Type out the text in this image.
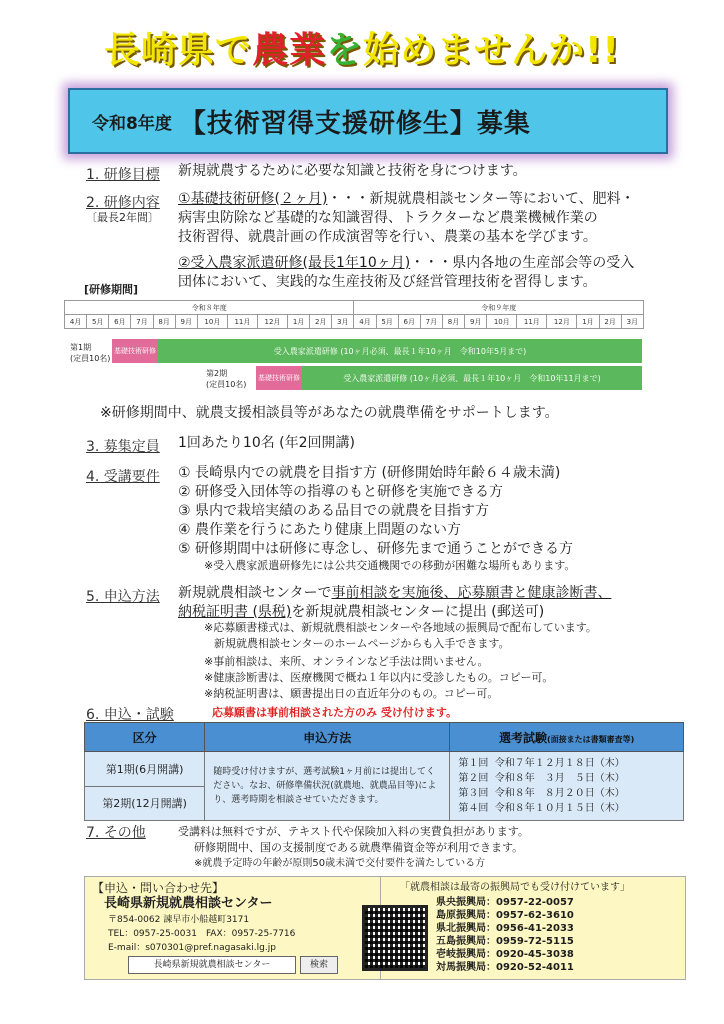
長崎県で農業を始めませんか!!
令和8年度 【技術習得支援研修生】募集
1. 研修目標 新規就農するために必要な知識と技術を身につけます。
2. 研修内容
〔最長2年間〕
①基礎技術研修(２ヶ月)・・・新規就農相談センター等において、肥料・
病害虫防除など基礎的な知識習得、トラクターなど農業機械作業の
技術習得、就農計画の作成演習等を行い、農業の基本を学びます。
②受入農家派遣研修(最長1年10ヶ月)・・・県内各地の生産部会等の受入
団体において、実践的な生産技術及び経営管理技術を習得します。
[研修期間]
令和８年度												令和９年度											
4月	5月	6月	7月	8月	9月	10月	11月	12月	1月	2月	3月	4月	5月	6月	7月	8月	9月	10月	11月	12月	1月	2月	3月
第1期
(定員10名)
基礎技術研修	受入農家派遣研修 (10ヶ月必須、最長１年10ヶ月　令和10年5月まで)
第2期
(定員10名)
基礎技術研修	受入農家派遣研修 (10ヶ月必須、最長１年10ヶ月　令和10年11月まで)
※研修期間中、就農支援相談員等があなたの就農準備をサポートします。
3. 募集定員 1回あたり10名 (年2回開講)
4. 受講要件 ① 長崎県内での就農を目指す方 (研修開始時年齢６４歳未満)
② 研修受入団体等の指導のもと研修を実施できる方
③ 県内で栽培実績のある品目での就農を目指す方
④ 農作業を行うにあたり健康上問題のない方
⑤ 研修期間中は研修に専念し、研修先まで通うことができる方
※受入農家派遣研修先には公共交通機関での移動が困難な場所もあります。
5. 申込方法 新規就農相談センターで事前相談を実施後、応募願書と健康診断書、
納税証明書 (県税)を新規就農相談センターに提出 (郵送可)
※応募願書様式は、新規就農相談センターや各地域の振興局で配布しています。
新規就農相談センターのホームページからも入手できます。
※事前相談は、来所、オンラインなど手法は問いません。
※健康診断書は、医療機関で概ね１年以内に受診したもの。コピー可。
※納税証明書は、願書提出日の直近年分のもの。コピー可。
6. 申込・試験	応募願書は事前相談された方のみ 受け付けます。
区分	申込方法	選考試験(面接または書類審査等)
第1期(6月開講)	随時受け付けますが、選考試験1ヶ月前には提出してください。なお、研修準備状況(就農地、就農品目等)により、選考時期を相談させていただきます。	第１回 令和７年１２月１８日（木）
第２回 令和８年　３月　５日（木）
第３回 令和８年　８月２０日（木）
第４回 令和８年１０月１５日（木）

第2期(12月開講)		
7. その他	受講料は無料ですが、テキスト代や保険加入料の実費負担があります。
研修期間中、国の支援制度である就農準備資金等が利用できます。
※就農予定時の年齢が原則50歳未満で交付要件を満たしている方
【申込・問い合わせ先】
長崎県新規就農相談センター
〒854-0062 諫早市小船越町3171
TEL：0957-25-0031　FAX：0957-25-7716
E-mail：s070301@pref.nagasaki.lg.jp
長崎県新規就農相談センター	検索
「就農相談は最寄の振興局でも受け付けています」
県央振興局：0957-22-0057
島原振興局：0957-62-3610
県北振興局：0956-41-2033
五島振興局：0959-72-5115
壱岐振興局：0920-45-3038
対馬振興局：0920-52-4011
